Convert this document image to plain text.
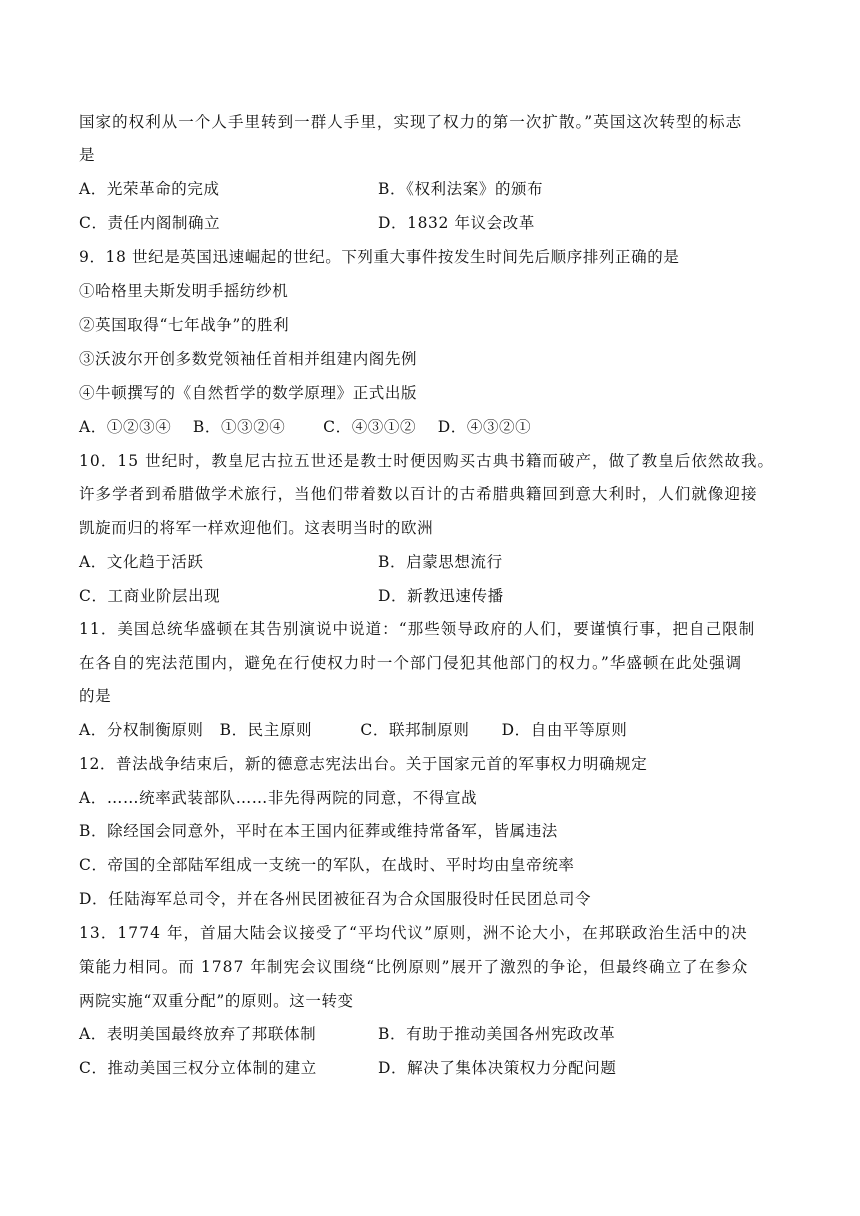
国家的权利从一个人手里转到一群人手里，实现了权力的第一次扩散。”英国这次转型的标志
是
A．光荣革命的完成	B．《权利法案》的颁布
C．责任内阁制确立	D．1832 年议会改革
9．18 世纪是英国迅速崛起的世纪。下列重大事件按发生时间先后顺序排列正确的是
①哈格里夫斯发明手摇纺纱机
②英国取得“七年战争”的胜利
③沃波尔开创多数党领袖任首相并组建内阁先例
④牛顿撰写的《自然哲学的数学原理》正式出版
A．①②③④　 B．①③②④　　 C．④③①②　 D．④③②①
10．15 世纪时，教皇尼古拉五世还是教士时便因购买古典书籍而破产，做了教皇后依然故我。
许多学者到希腊做学术旅行，当他们带着数以百计的古希腊典籍回到意大利时，人们就像迎接
凯旋而归的将军一样欢迎他们。这表明当时的欧洲
A．文化趋于活跃	B．启蒙思想流行
C．工商业阶层出现	D．新教迅速传播
11．美国总统华盛顿在其告别演说中说道：“那些领导政府的人们，要谨慎行事，把自己限制
在各自的宪法范围内，避免在行使权力时一个部门侵犯其他部门的权力。”华盛顿在此处强调
的是
A．分权制衡原则　B．民主原则　　　C．联邦制原则　　D．自由平等原则
12．普法战争结束后，新的德意志宪法出台。关于国家元首的军事权力明确规定
A．……统率武装部队……非先得两院的同意，不得宣战
B．除经国会同意外，平时在本王国内征葬或维持常备军，皆属违法
C．帝国的全部陆军组成一支统一的军队，在战时、平时均由皇帝统率
D．任陆海军总司令，并在各州民团被征召为合众国服役时任民团总司令
13．1774 年，首届大陆会议接受了“平均代议”原则，洲不论大小，在邦联政治生活中的决
策能力相同。而 1787 年制宪会议围绕“比例原则”展开了激烈的争论，但最终确立了在参众
两院实施“双重分配”的原则。这一转变
A．表明美国最终放弃了邦联体制	B．有助于推动美国各州宪政改革
C．推动美国三权分立体制的建立	D．解决了集体决策权力分配问题
